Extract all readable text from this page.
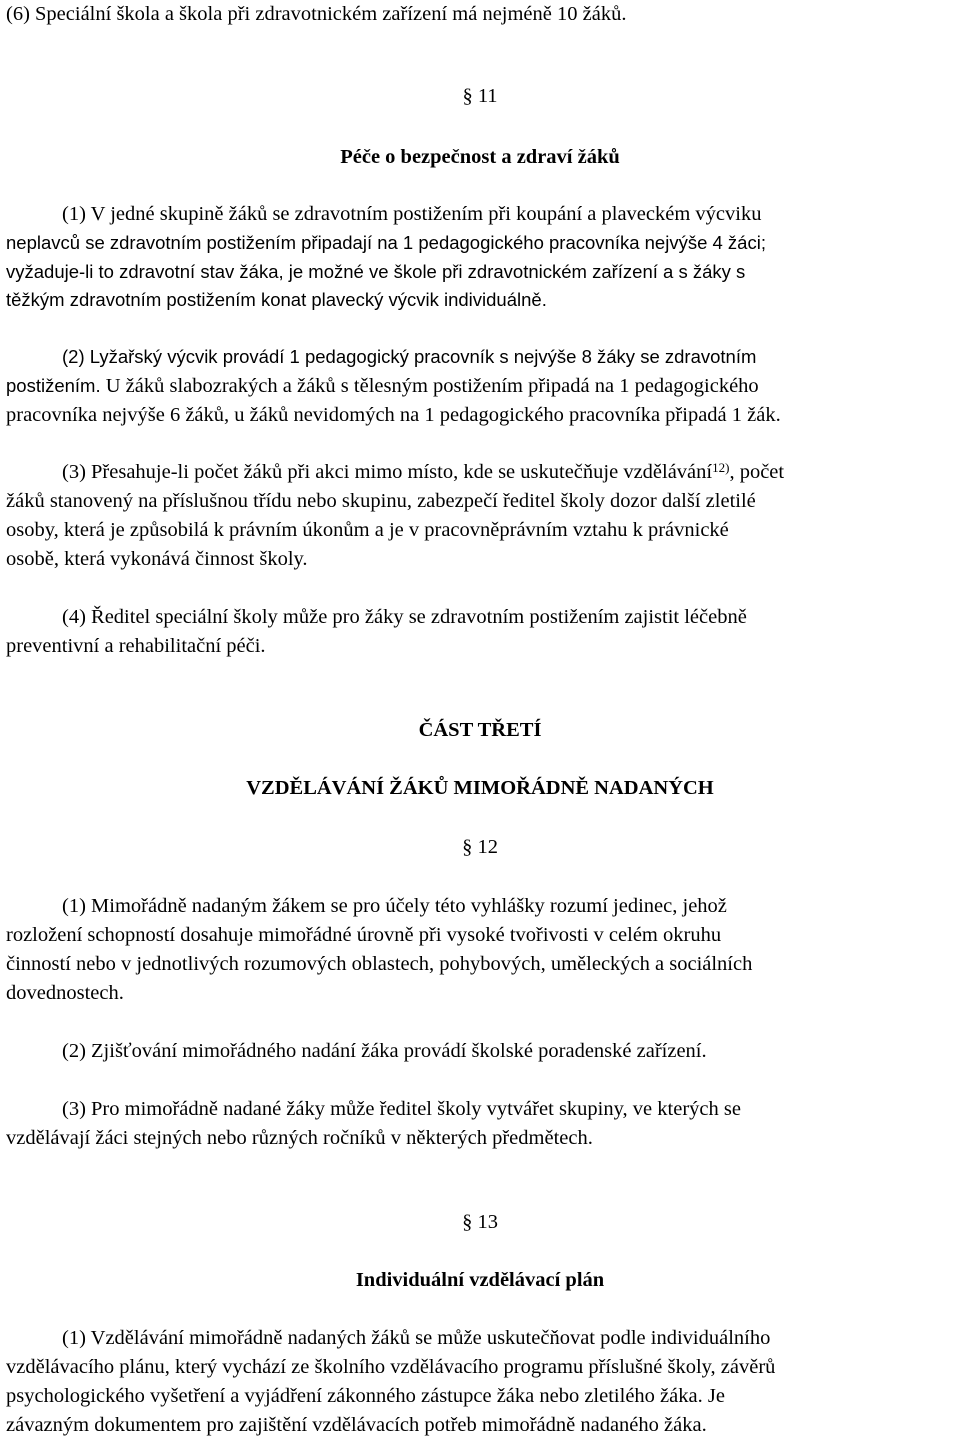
(6) Speciální škola a škola při zdravotnickém zařízení má nejméně 10 žáků.
§ 11
Péče o bezpečnost a zdraví žáků
(1) V jedné skupině žáků se zdravotním postižením při koupání a plaveckém výcviku
neplavců se zdravotním postižením připadají na 1 pedagogického pracovníka nejvýše 4 žáci;
vyžaduje-li to zdravotní stav žáka, je možné ve škole při zdravotnickém zařízení a s žáky s
těžkým zdravotním postižením konat plavecký výcvik individuálně.
(2) Lyžařský výcvik provádí 1 pedagogický pracovník s nejvýše 8 žáky se zdravotním
postižením. U žáků slabozrakých a žáků s tělesným postižením připadá na 1 pedagogického
pracovníka nejvýše 6 žáků, u žáků nevidomých na 1 pedagogického pracovníka připadá 1 žák.
(3) Přesahuje-li počet žáků při akci mimo místo, kde se uskutečňuje vzdělávání$^{12)}$, počet
žáků stanovený na příslušnou třídu nebo skupinu, zabezpečí ředitel školy dozor další zletilé
osoby, která je způsobilá k právním úkonům a je v pracovněprávním vztahu k právnické
osobě, která vykonává činnost školy.
(4) Ředitel speciální školy může pro žáky se zdravotním postižením zajistit léčebně
preventivní a rehabilitační péči.
ČÁST TŘETÍ
VZDĚLÁVÁNÍ ŽÁKŮ MIMOŘÁDNĚ NADANÝCH
§ 12
(1) Mimořádně nadaným žákem se pro účely této vyhlášky rozumí jedinec, jehož
rozložení schopností dosahuje mimořádné úrovně při vysoké tvořivosti v celém okruhu
činností nebo v jednotlivých rozumových oblastech, pohybových, uměleckých a sociálních
dovednostech.
(2) Zjišťování mimořádného nadání žáka provádí školské poradenské zařízení.
(3) Pro mimořádně nadané žáky může ředitel školy vytvářet skupiny, ve kterých se
vzdělávají žáci stejných nebo různých ročníků v některých předmětech.
§ 13
Individuální vzdělávací plán
(1) Vzdělávání mimořádně nadaných žáků se může uskutečňovat podle individuálního
vzdělávacího plánu, který vychází ze školního vzdělávacího programu příslušné školy, závěrů
psychologického vyšetření a vyjádření zákonného zástupce žáka nebo zletilého žáka. Je
závazným dokumentem pro zajištění vzdělávacích potřeb mimořádně nadaného žáka.
